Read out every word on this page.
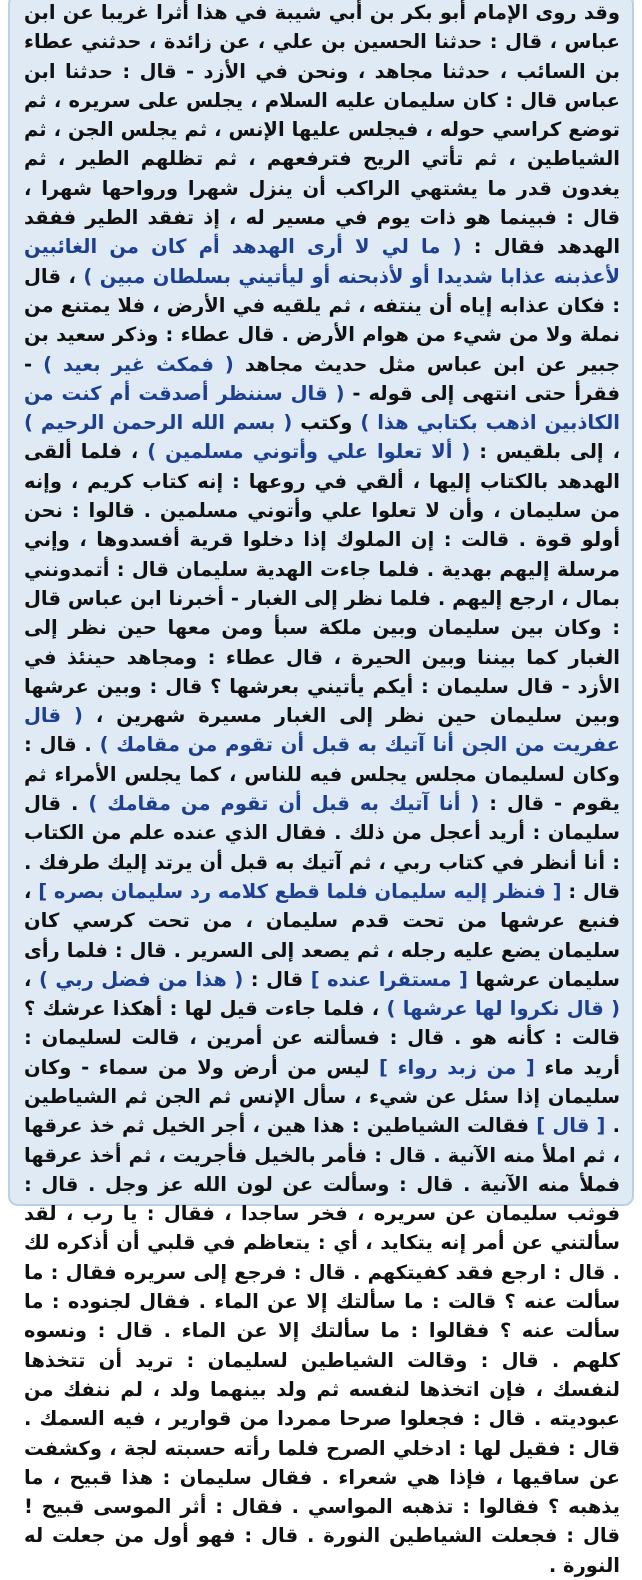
وقد روى الإمام أبو بكر بن أبي شيبة في هذا أثرا غريبا عن ابن عباس ، قال : حدثنا الحسين بن علي ، عن زائدة ، حدثني عطاء بن السائب ، حدثنا مجاهد ، ونحن في الأزد - قال : حدثنا ابن عباس قال : كان سليمان عليه السلام ، يجلس على سريره ، ثم توضع كراسي حوله ، فيجلس عليها الإنس ، ثم يجلس الجن ، ثم الشياطين ، ثم تأتي الريح فترفعهم ، ثم تظلهم الطير ، ثم يغدون قدر ما يشتهي الراكب أن ينزل شهرا ورواحها شهرا ، قال : فبينما هو ذات يوم في مسير له ، إذ تفقد الطير ففقد الهدهد فقال : ( ما لي لا أرى الهدهد أم كان من الغائبين لأعذبنه عذابا شديدا أو لأذبحنه أو ليأتيني بسلطان مبين ) ، قال : فكان عذابه إياه أن ينتفه ، ثم يلقيه في الأرض ، فلا يمتنع من نملة ولا من شيء من هوام الأرض . قال عطاء : وذكر سعيد بن جبير عن ابن عباس مثل حديث مجاهد ( فمكث غير بعيد ) - فقرأ حتى انتهى إلى قوله - ( قال سننظر أصدقت أم كنت من الكاذبين اذهب بكتابي هذا ) وكتب ( بسم الله الرحمن الرحيم ) ، إلى بلقيس : ( ألا تعلوا علي وأتوني مسلمين ) ، فلما ألقى الهدهد بالكتاب إليها ، ألقي في روعها : إنه كتاب كريم ، وإنه من سليمان ، وأن لا تعلوا علي وأتوني مسلمين . قالوا : نحن أولو قوة . قالت : إن الملوك إذا دخلوا قرية أفسدوها ، وإني مرسلة إليهم بهدية . فلما جاءت الهدية سليمان قال : أتمدونني بمال ، ارجع إليهم . فلما نظر إلى الغبار - أخبرنا ابن عباس قال : وكان بين سليمان وبين ملكة سبأ ومن معها حين نظر إلى الغبار كما بيننا وبين الحيرة ، قال عطاء : ومجاهد حينئذ في الأزد - قال سليمان : أيكم يأتيني بعرشها ؟ قال : وبين عرشها وبين سليمان حين نظر إلى الغبار مسيرة شهرين ، ( قال عفريت من الجن أنا آتيك به قبل أن تقوم من مقامك ) . قال : وكان لسليمان مجلس يجلس فيه للناس ، كما يجلس الأمراء ثم يقوم - قال : ( أنا آتيك به قبل أن تقوم من مقامك ) . قال سليمان : أريد أعجل من ذلك . فقال الذي عنده علم من الكتاب : أنا أنظر في كتاب ربي ، ثم آتيك به قبل أن يرتد إليك طرفك . قال : [ فنظر إليه سليمان فلما قطع كلامه رد سليمان بصره ] ، فنبع عرشها من تحت قدم سليمان ، من تحت كرسي كان سليمان يضع عليه رجله ، ثم يصعد إلى السرير . قال : فلما رأى سليمان عرشها [ مستقرا عنده ] قال : ( هذا من فضل ربي ) ، ( قال نكروا لها عرشها ) ، فلما جاءت قيل لها : أهكذا عرشك ؟ قالت : كأنه هو . قال : فسألته عن أمرين ، قالت لسليمان : أريد ماء [ من زبد رواء ] ليس من أرض ولا من سماء - وكان سليمان إذا سئل عن شيء ، سأل الإنس ثم الجن ثم الشياطين . [ قال ] فقالت الشياطين : هذا هين ، أجر الخيل ثم خذ عرقها ، ثم املأ منه الآنية . قال : فأمر بالخيل فأجريت ، ثم أخذ عرقها فملأ منه الآنية . قال : وسألت عن لون الله عز وجل . قال : فوثب سليمان عن سريره ، فخر ساجدا ، فقال : يا رب ، لقد سألتني عن أمر إنه يتكايد ، أي : يتعاظم في قلبي أن أذكره لك . قال : ارجع فقد كفيتكهم . قال : فرجع إلى سريره فقال : ما سألت عنه ؟ قالت : ما سألتك إلا عن الماء . فقال لجنوده : ما سألت عنه ؟ فقالوا : ما سألتك إلا عن الماء . قال : ونسوه كلهم . قال : وقالت الشياطين لسليمان : تريد أن تتخذها لنفسك ، فإن اتخذها لنفسه ثم ولد بينهما ولد ، لم ننفك من عبوديته . قال : فجعلوا صرحا ممردا من قوارير ، فيه السمك . قال : فقيل لها : ادخلي الصرح فلما رأته حسبته لجة ، وكشفت عن ساقيها ، فإذا هي شعراء . فقال سليمان : هذا قبيح ، ما يذهبه ؟ فقالوا : تذهبه المواسي . فقال : أثر الموسى قبيح ! قال : فجعلت الشياطين النورة . قال : فهو أول من جعلت له النورة .
